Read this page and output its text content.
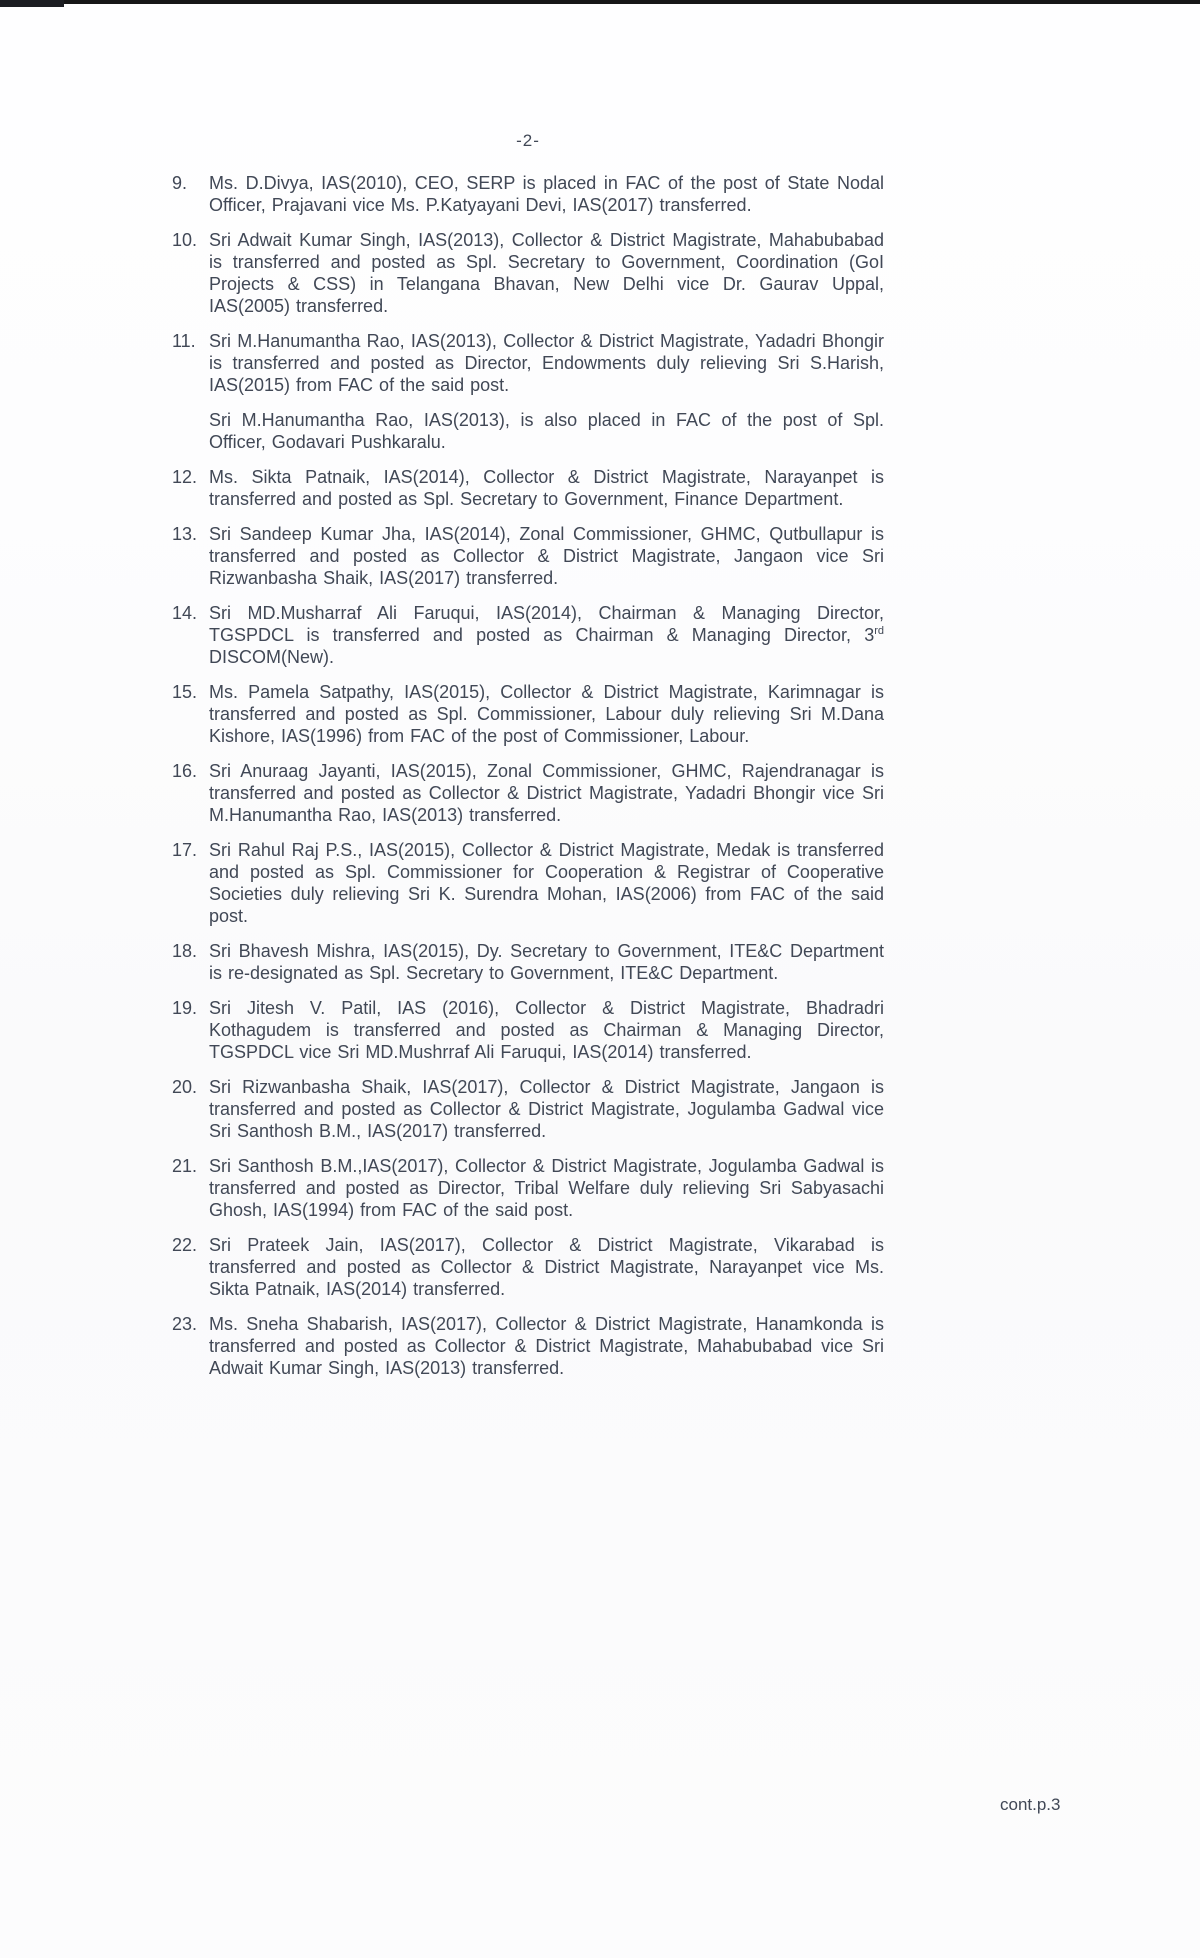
-2-
9. Ms. D.Divya, IAS(2010), CEO, SERP is placed in FAC of the post of State Nodal Officer, Prajavani vice Ms. P.Katyayani Devi, IAS(2017) transferred.

10. Sri Adwait Kumar Singh, IAS(2013), Collector & District Magistrate, Mahabubabad is transferred and posted as Spl. Secretary to Government, Coordination (GoI Projects & CSS) in Telangana Bhavan, New Delhi vice Dr. Gaurav Uppal, IAS(2005) transferred.

11. Sri M.Hanumantha Rao, IAS(2013), Collector & District Magistrate, Yadadri Bhongir is transferred and posted as Director, Endowments duly relieving Sri S.Harish, IAS(2015) from FAC of the said post.

Sri M.Hanumantha Rao, IAS(2013), is also placed in FAC of the post of Spl. Officer, Godavari Pushkaralu.

12. Ms. Sikta Patnaik, IAS(2014), Collector & District Magistrate, Narayanpet is transferred and posted as Spl. Secretary to Government, Finance Department.

13. Sri Sandeep Kumar Jha, IAS(2014), Zonal Commissioner, GHMC, Qutbullapur is transferred and posted as Collector & District Magistrate, Jangaon vice Sri Rizwanbasha Shaik, IAS(2017) transferred.

14. Sri MD.Musharraf Ali Faruqui, IAS(2014), Chairman & Managing Director, TGSPDCL is transferred and posted as Chairman & Managing Director, 3rd DISCOM(New).

15. Ms. Pamela Satpathy, IAS(2015), Collector & District Magistrate, Karimnagar is transferred and posted as Spl. Commissioner, Labour duly relieving Sri M.Dana Kishore, IAS(1996) from FAC of the post of Commissioner, Labour.

16. Sri Anuraag Jayanti, IAS(2015), Zonal Commissioner, GHMC, Rajendranagar is transferred and posted as Collector & District Magistrate, Yadadri Bhongir vice Sri M.Hanumantha Rao, IAS(2013) transferred.

17. Sri Rahul Raj P.S., IAS(2015), Collector & District Magistrate, Medak is transferred and posted as Spl. Commissioner for Cooperation & Registrar of Cooperative Societies duly relieving Sri K. Surendra Mohan, IAS(2006) from FAC of the said post.

18. Sri Bhavesh Mishra, IAS(2015), Dy. Secretary to Government, ITE&C Department is re-designated as Spl. Secretary to Government, ITE&C Department.

19. Sri Jitesh V. Patil, IAS (2016), Collector & District Magistrate, Bhadradri Kothagudem is transferred and posted as Chairman & Managing Director, TGSPDCL vice Sri MD.Mushrraf Ali Faruqui, IAS(2014) transferred.

20. Sri Rizwanbasha Shaik, IAS(2017), Collector & District Magistrate, Jangaon is transferred and posted as Collector & District Magistrate, Jogulamba Gadwal vice Sri Santhosh B.M., IAS(2017) transferred.

21. Sri Santhosh B.M.,IAS(2017), Collector & District Magistrate, Jogulamba Gadwal is transferred and posted as Director, Tribal Welfare duly relieving Sri Sabyasachi Ghosh, IAS(1994) from FAC of the said post.

22. Sri Prateek Jain, IAS(2017), Collector & District Magistrate, Vikarabad is transferred and posted as Collector & District Magistrate, Narayanpet vice Ms. Sikta Patnaik, IAS(2014) transferred.

23. Ms. Sneha Shabarish, IAS(2017), Collector & District Magistrate, Hanamkonda is transferred and posted as Collector & District Magistrate, Mahabubabad vice Sri Adwait Kumar Singh, IAS(2013) transferred.

cont.p.3
